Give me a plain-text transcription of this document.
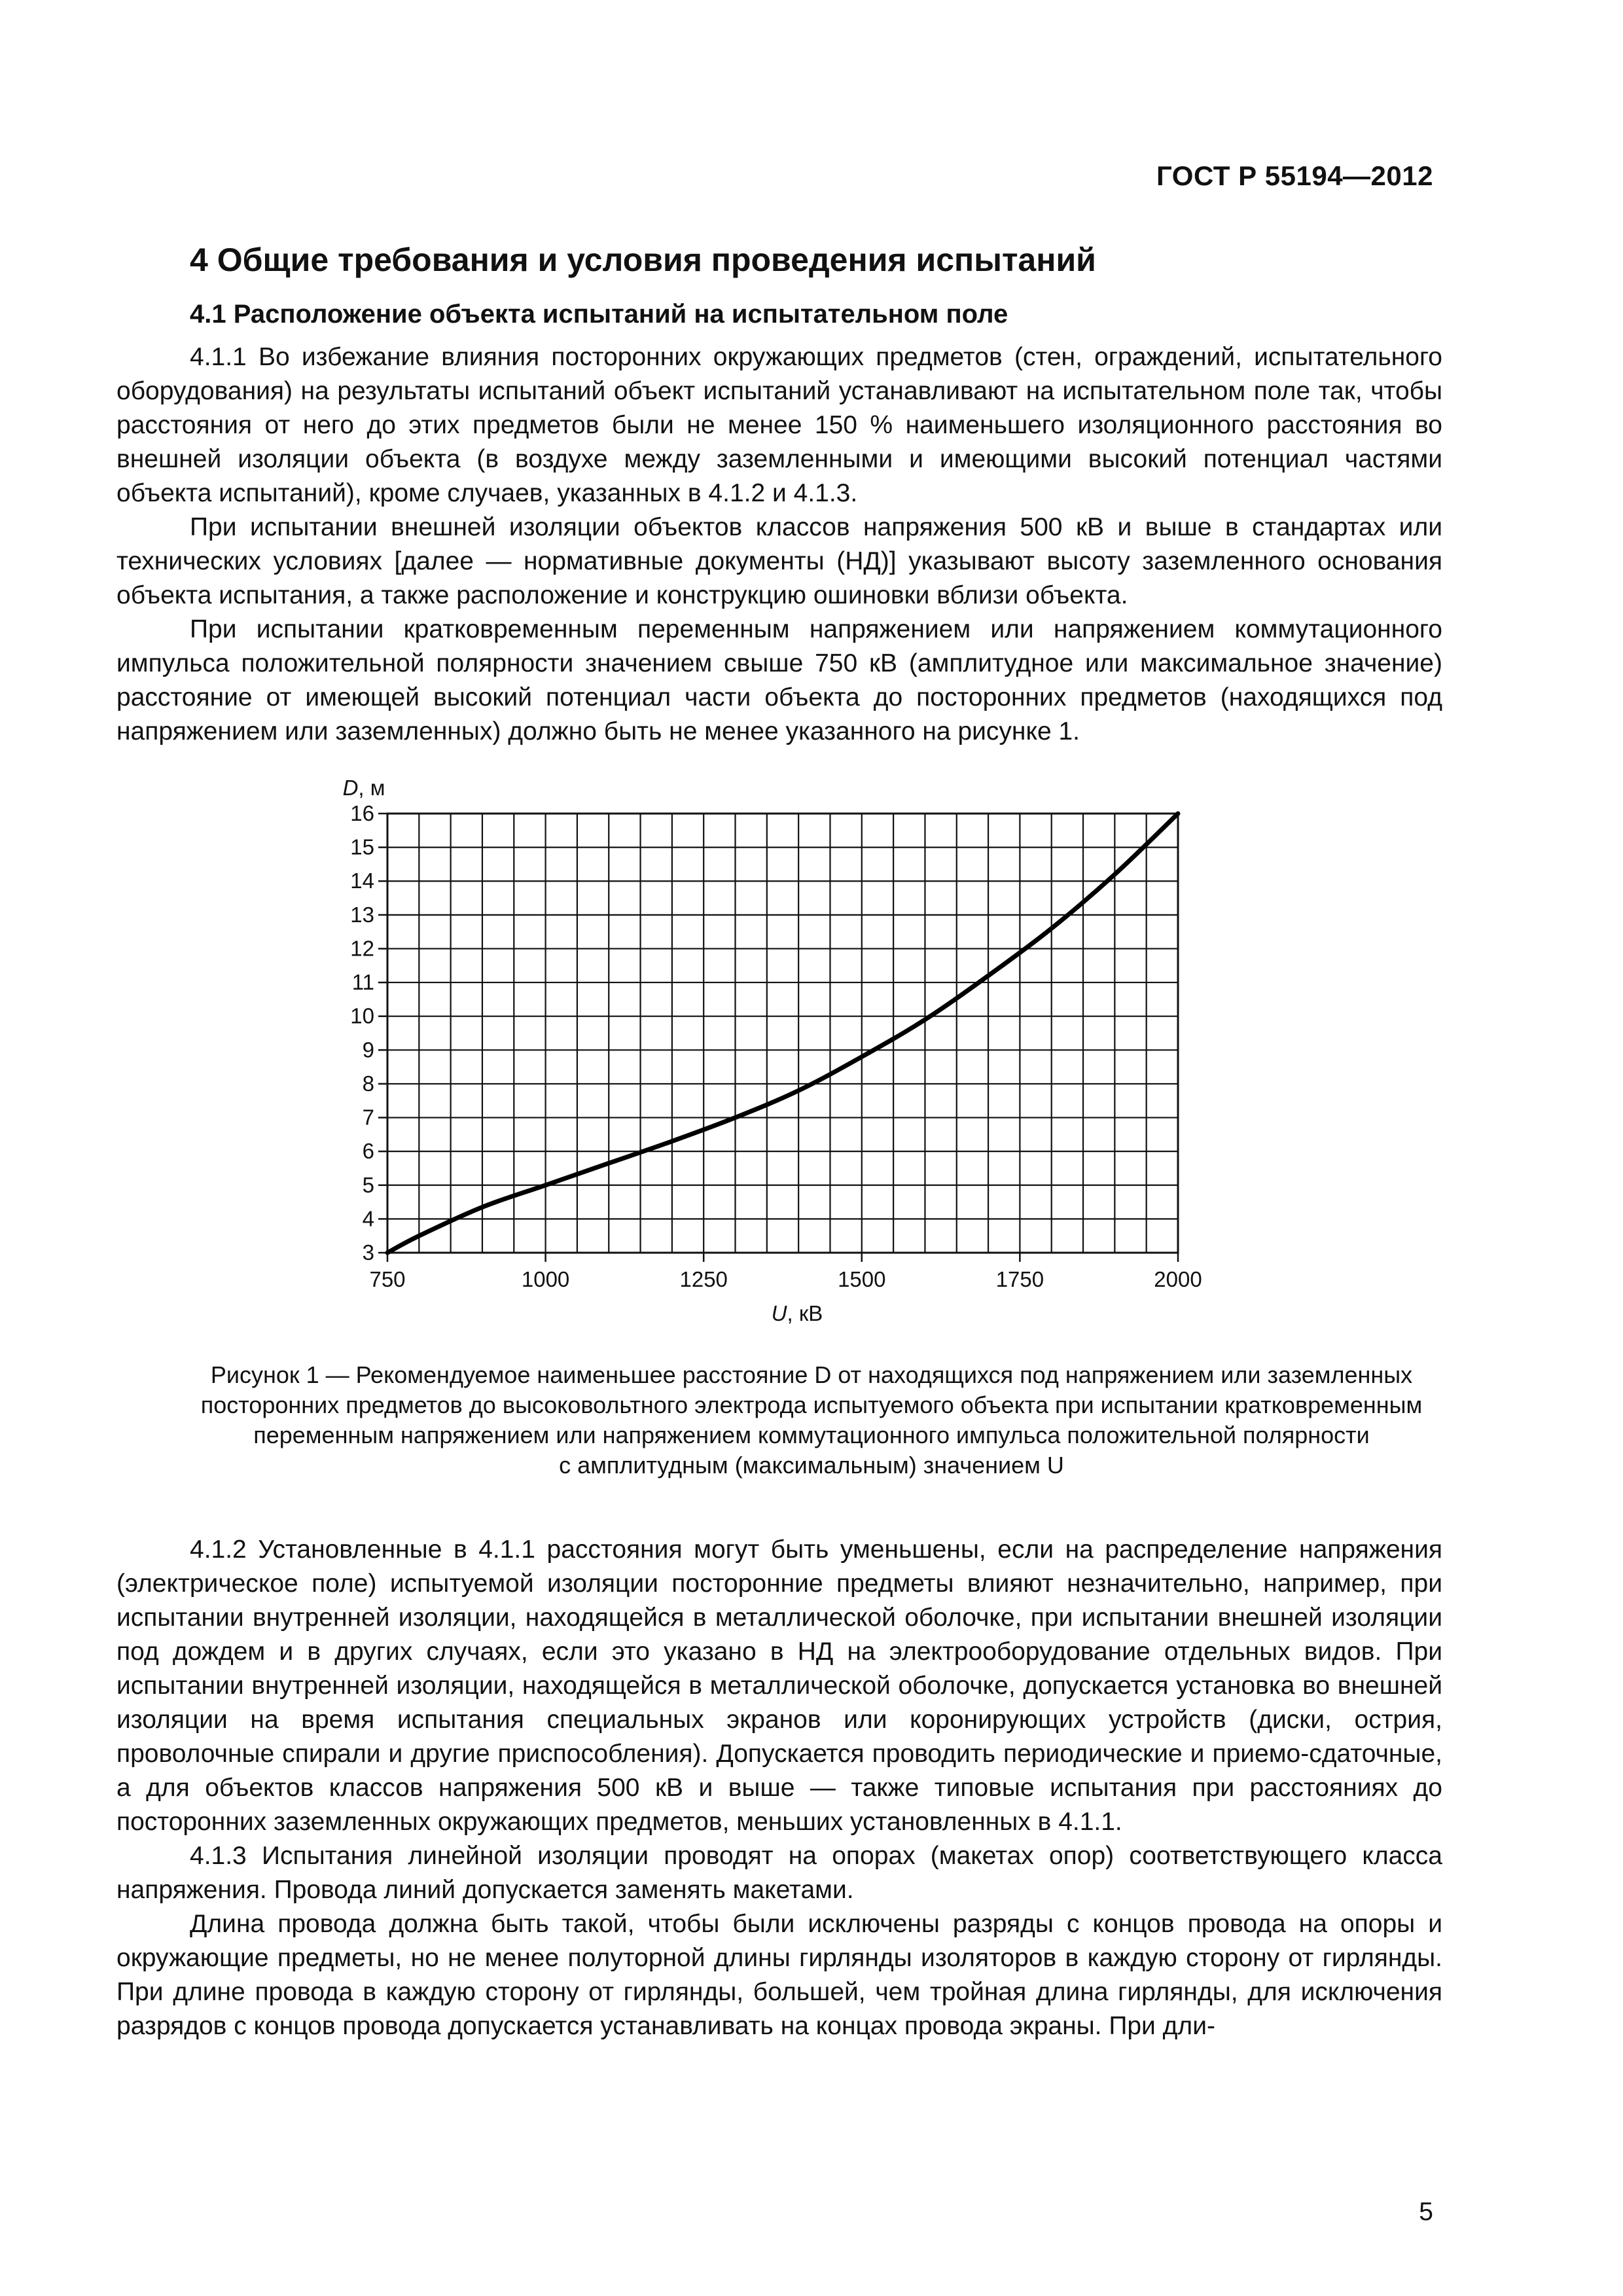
ГОСТ Р 55194—2012
4 Общие требования и условия проведения испытаний
4.1 Расположение объекта испытаний на испытательном поле

4.1.1 Во избежание влияния посторонних окружающих предметов (стен, ограждений, испытательного оборудования) на результаты испытаний объект испытаний устанавливают на испытательном поле так, чтобы расстояния от него до этих предметов были не менее 150 % наименьшего изоляционного расстояния во внешней изоляции объекта (в воздухе между заземленными и имеющими высокий потенциал частями объекта испытаний), кроме случаев, указанных в 4.1.2 и 4.1.3.

При испытании внешней изоляции объектов классов напряжения 500 кВ и выше в стандартах или технических условиях [далее — нормативные документы (НД)] указывают высоту заземленного основания объекта испытания, а также расположение и конструкцию ошиновки вблизи объекта.

При испытании кратковременным переменным напряжением или напряжением коммутационного импульса положительной полярности значением свыше 750 кВ (амплитудное или максимальное значение) расстояние от имеющей высокий потенциал части объекта до посторонних предметов (находящихся под напряжением или заземленных) должно быть не менее указанного на рисунке 1.

3
4
5
6
7
8
9
10
11
12
13
14
15
16
750	1000	1250	1500	1750	2000
D, м
U, кВ
Рисунок 1 — Рекомендуемое наименьшее расстояние D от находящихся под напряжением или заземленных
посторонних предметов до высоковольтного электрода испытуемого объекта при испытании кратковременным
переменным напряжением или напряжением коммутационного импульса положительной полярности
с амплитудным (максимальным) значением U

4.1.2 Установленные в 4.1.1 расстояния могут быть уменьшены, если на распределение напряжения (электрическое поле) испытуемой изоляции посторонние предметы влияют незначительно, например, при испытании внутренней изоляции, находящейся в металлической оболочке, при испытании внешней изоляции под дождем и в других случаях, если это указано в НД на электрооборудование отдельных видов. При испытании внутренней изоляции, находящейся в металлической оболочке, допускается установка во внешней изоляции на время испытания специальных экранов или коронирующих устройств (диски, острия, проволочные спирали и другие приспособления). Допускается проводить периодические и приемо-сдаточные, а для объектов классов напряжения 500 кВ и выше — также типовые испытания при расстояниях до посторонних заземленных окружающих предметов, меньших установленных в 4.1.1.

4.1.3 Испытания линейной изоляции проводят на опорах (макетах опор) соответствующего класса напряжения. Провода линий допускается заменять макетами.

Длина провода должна быть такой, чтобы были исключены разряды с концов провода на опоры и окружающие предметы, но не менее полуторной длины гирлянды изоляторов в каждую сторону от гирлянды. При длине провода в каждую сторону от гирлянды, большей, чем тройная длина гирлянды, для исключения разрядов с концов провода допускается устанавливать на концах провода экраны. При дли-

5
